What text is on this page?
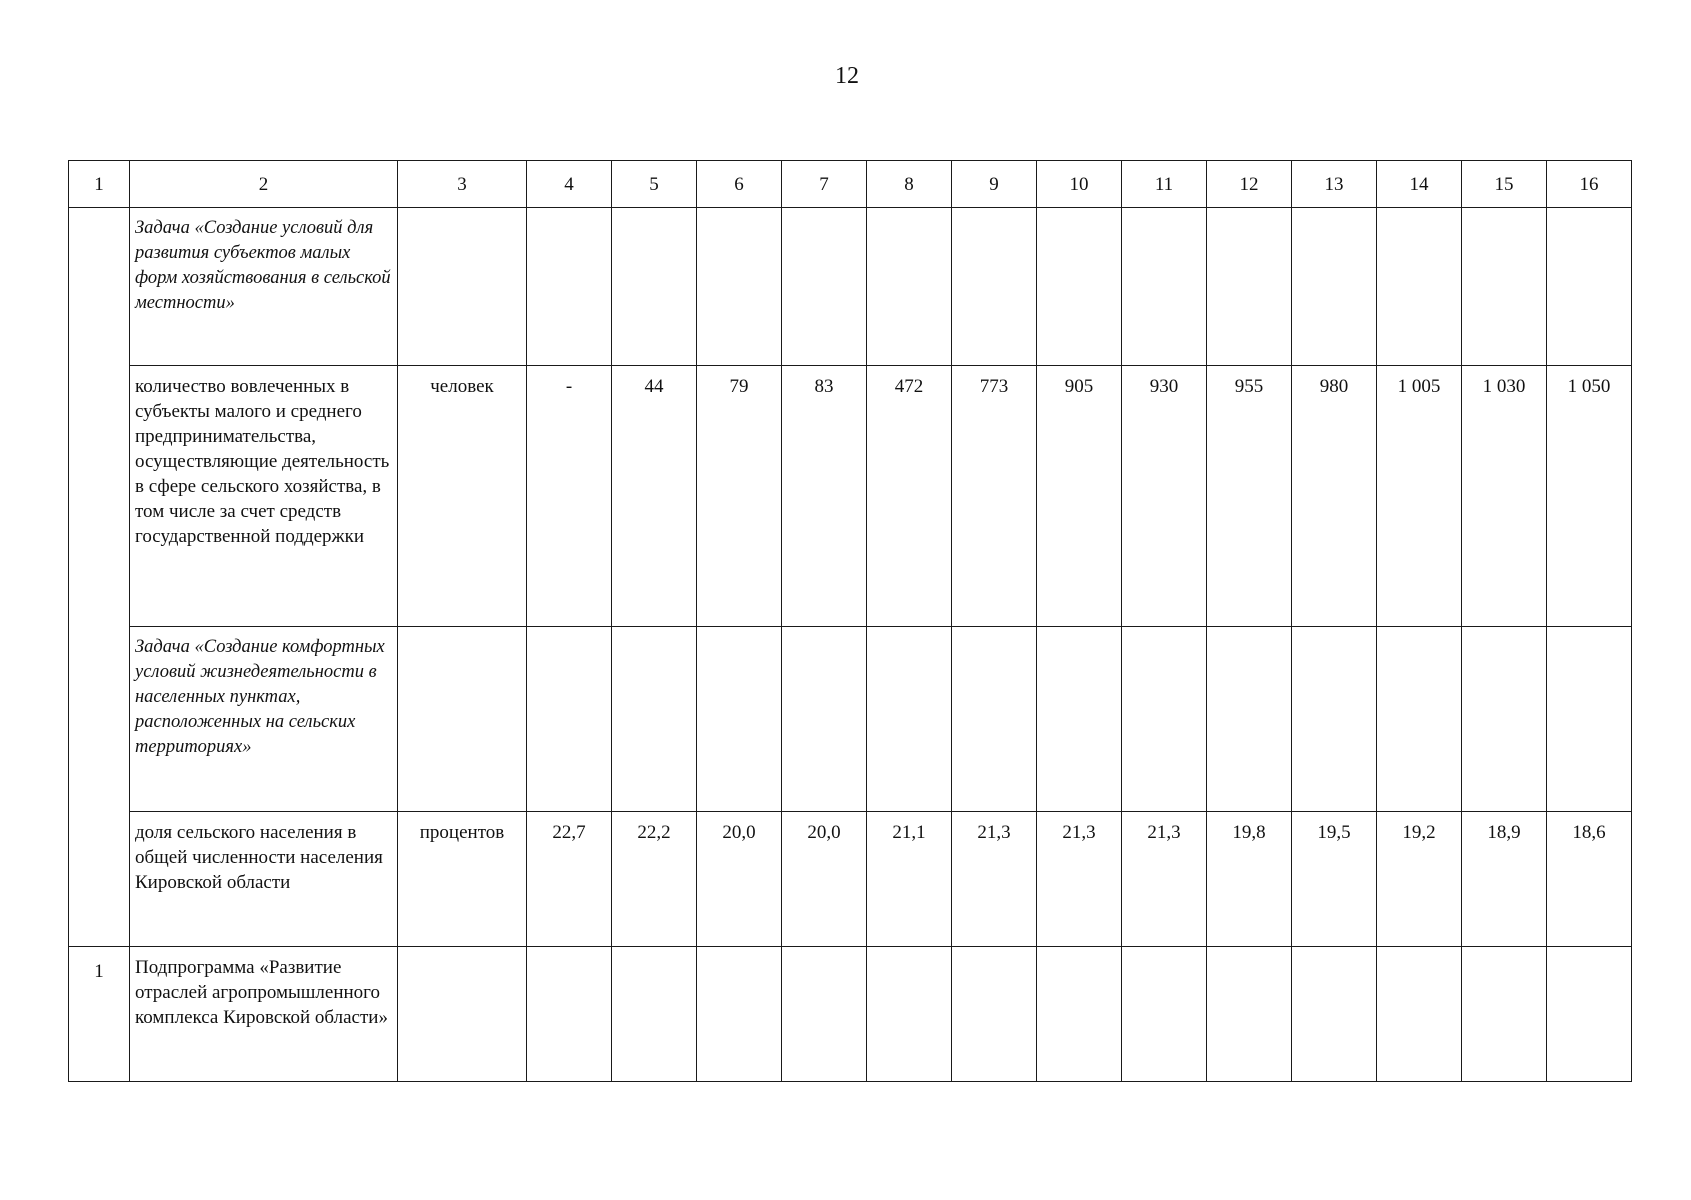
12
1	2	3	4	5	6	7	8	9	10	11	12	13	14	15	16
	Задача «Создание условий для развития субъектов малых форм хозяйствования в сельской местности»														
	количество вовлеченных в субъекты малого и среднего предпринимательства, осуществляющие деятельность в сфере сельского хозяйства, в том числе за счет средств государственной поддержки	человек	-	44	79	83	472	773	905	930	955	980	1 005	1 030	1 050
	Задача «Создание комфортных условий жизнедеятельности в населенных пунктах, расположенных на сельских территориях»														
	доля сельского населения в общей численности населения Кировской области	процентов	22,7	22,2	20,0	20,0	21,1	21,3	21,3	21,3	19,8	19,5	19,2	18,9	18,6
1	Подпрограмма «Развитие отраслей агропромышленного комплекса Кировской области»														
